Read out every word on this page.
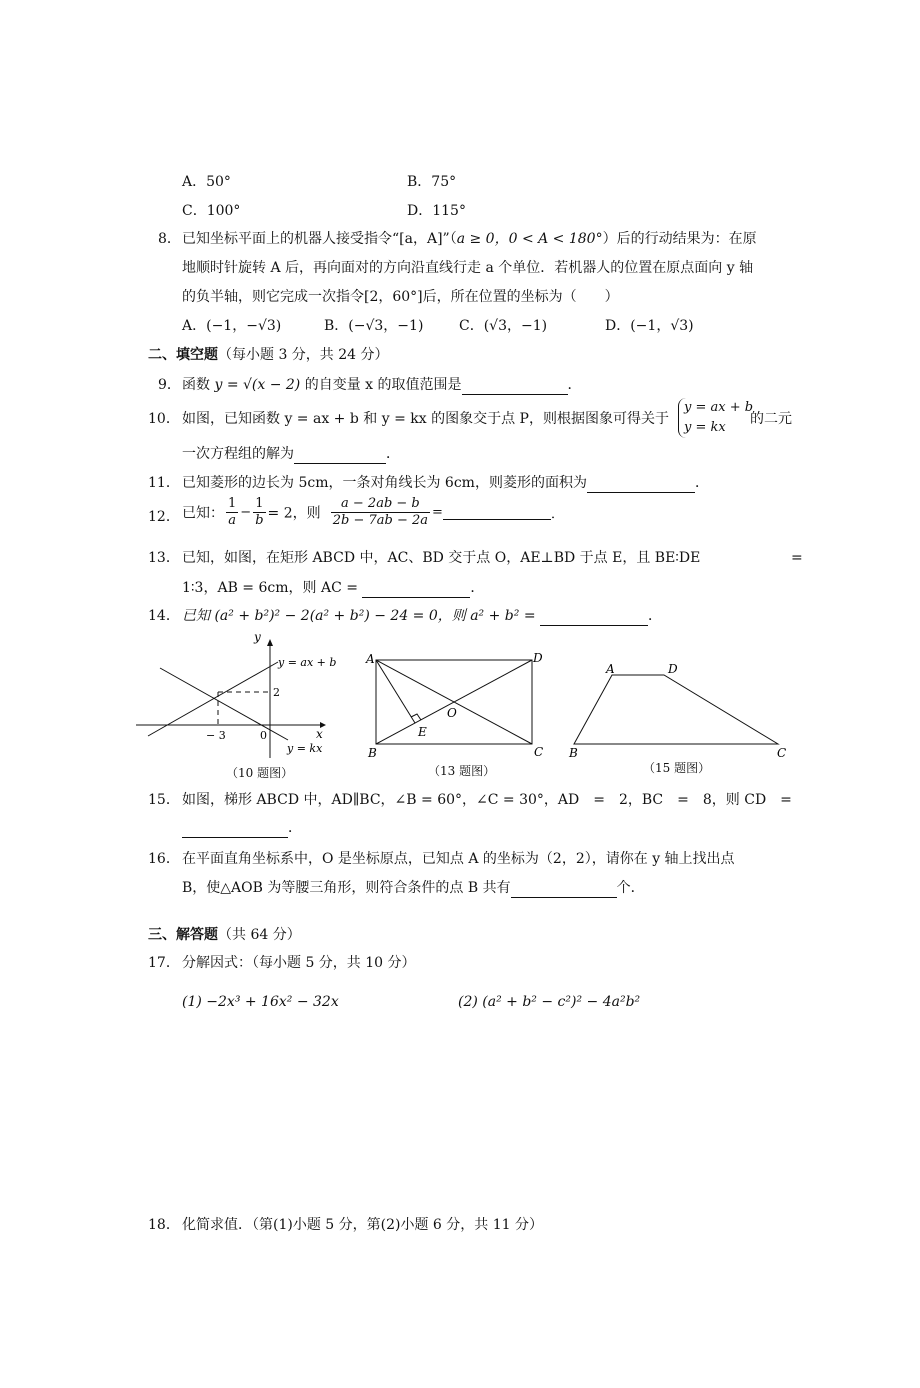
A．50°	B．75°
C．100°	D．115°
8． 已知坐标平面上的机器人接受指令“[a，A]”（a ≥ 0，0 < A < 180°）后的行动结果为：在原
地顺时针旋转 A 后，再向面对的方向沿直线行走 a 个单位．若机器人的位置在原点面向 y 轴
的负半轴，则它完成一次指令[2，60°]后，所在位置的坐标为（　　）
A．(−1，−√3)	B．(−√3，−1)	C．(√3，−1)	D．(−1，√3)
二、填空题（每小题 3 分，共 24 分）
9． 函数 y = √(x − 2) 的自变量 x 的取值范围是	．
10． 如图，已知函数 y = ax + b 和 y = kx 的图象交于点 P，则根据图象可得关于
y = ax + b
y = kx
的二元
一次方程组的解为	．
11． 已知菱形的边长为 5cm，一条对角线长为 6cm，则菱形的面积为	．
12． 已知： $\frac{1}{a} - \frac{1}{b} = 2$，则 $\frac{a - 2ab - b}{2b - 7ab - 2a}$ =	．
13． 已知，如图，在矩形 ABCD 中，AC、BD 交于点 O，AE⊥BD 于点 E，且 BE∶DE	=
1∶3，AB = 6cm，则 AC =	．
14． 已知 (a² + b²)² − 2(a² + b²) − 24 = 0，则 a² + b² =	．
y
x
y = ax + b
y = kx
− 3
2
0
（10 题图）
A	D
B	C
O
E
（13 题图）
A	D
B	C
（15 题图）
15． 如图，梯形 ABCD 中，AD∥BC，∠B = 60°，∠C = 30°，AD　=　2，BC　=　8，则 CD　=
．
16． 在平面直角坐标系中，O 是坐标原点，已知点 A 的坐标为（2，2），请你在 y 轴上找出点
B，使△AOB 为等腰三角形，则符合条件的点 B 共有	个．
三、解答题（共 64 分）
17． 分解因式：（每小题 5 分，共 10 分）
(1) −2x³ + 16x² − 32x	(2) (a² + b² − c²)² − 4a²b²
18． 化简求值．（第(1)小题 5 分，第(2)小题 6 分，共 11 分）
